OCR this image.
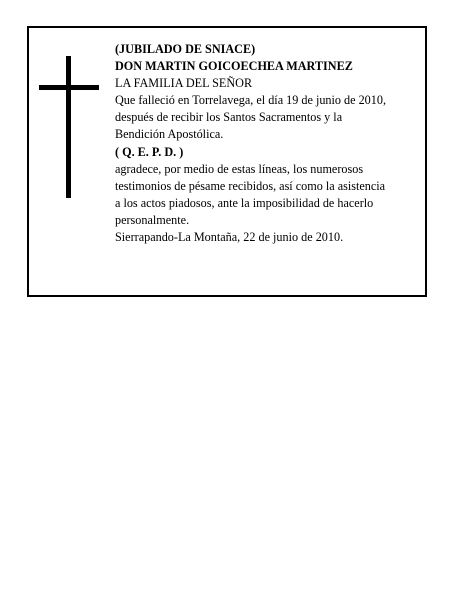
(JUBILADO DE SNIACE)
DON MARTIN GOICOECHEA MARTINEZ
LA FAMILIA DEL SEÑOR
Que falleció en Torrelavega, el día 19 de junio de 2010,
después de recibir los Santos Sacramentos y la
Bendición Apostólica.
( Q. E. P. D. )
agradece, por medio de estas líneas, los numerosos
testimonios de pésame recibidos, así como la asistencia
a los actos piadosos, ante la imposibilidad de hacerlo
personalmente.
Sierrapando-La Montaña, 22 de junio de 2010.
